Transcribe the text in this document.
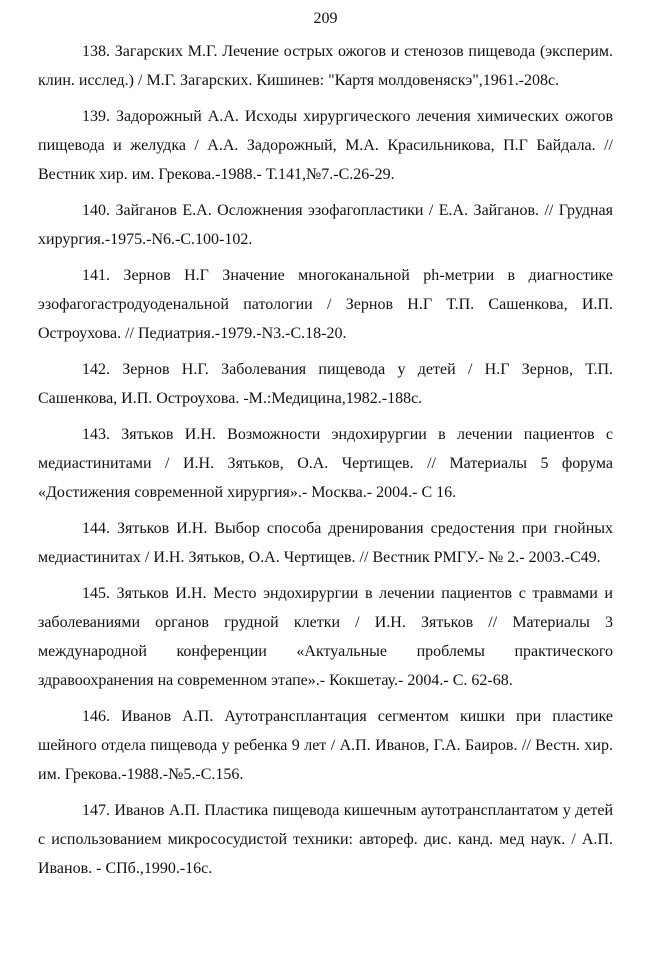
209

138. Загарских М.Г. Лечение острых ожогов и стенозов пищевода (эксперим. клин. исслед.) / М.Г. Загарских. Кишинев: "Картя молдовеняскэ",1961.-208с.

139. Задорожный А.А. Исходы хирургического лечения химических ожогов пищевода и желудка / А.А. Задорожный, М.А. Красильникова, П.Г Байдала. // Вестник хир. им. Грекова.-1988.- Т.141,№7.-С.26-29.

140. Зайганов Е.А. Осложнения эзофагопластики / Е.А. Зайганов. // Грудная хирургия.-1975.-N6.-С.100-102.

141. Зернов Н.Г Значение многоканальной ph-метрии в диагностике эзофагогастродуоденальной патологии / Зернов Н.Г Т.П. Сашенкова, И.П. Остроухова. // Педиатрия.-1979.-N3.-С.18-20.

142. Зернов Н.Г. Заболевания пищевода у детей / Н.Г Зернов, Т.П. Сашенкова, И.П. Остроухова. -М.:Медицина,1982.-188с.

143. Зятьков И.Н. Возможности эндохирургии в лечении пациентов с медиастинитами / И.Н. Зятьков, О.А. Чертищев. // Материалы 5 форума «Достижения современной хирургия».- Москва.- 2004.- С 16.

144. Зятьков И.Н. Выбор способа дренирования средостения при гнойных медиастинитах / И.Н. Зятьков, О.А. Чертищев. // Вестник РМГУ.- № 2.- 2003.-С49.

145. Зятьков И.Н. Место эндохирургии в лечении пациентов с травмами и заболеваниями органов грудной клетки / И.Н. Зятьков // Материалы 3 международной конференции «Актуальные проблемы практического здравоохранения на современном этапе».- Кокшетау.- 2004.- С. 62-68.

146. Иванов А.П. Аутотрансплантация сегментом кишки при пластике шейного отдела пищевода у ребенка 9 лет / А.П. Иванов, Г.А. Баиров. // Вестн. хир. им. Грекова.-1988.-№5.-С.156.

147. Иванов А.П. Пластика пищевода кишечным аутотрансплантатом у детей с использованием микрососудистой техники: автореф. дис. канд. мед наук. / А.П. Иванов. - СПб.,1990.-16с.
